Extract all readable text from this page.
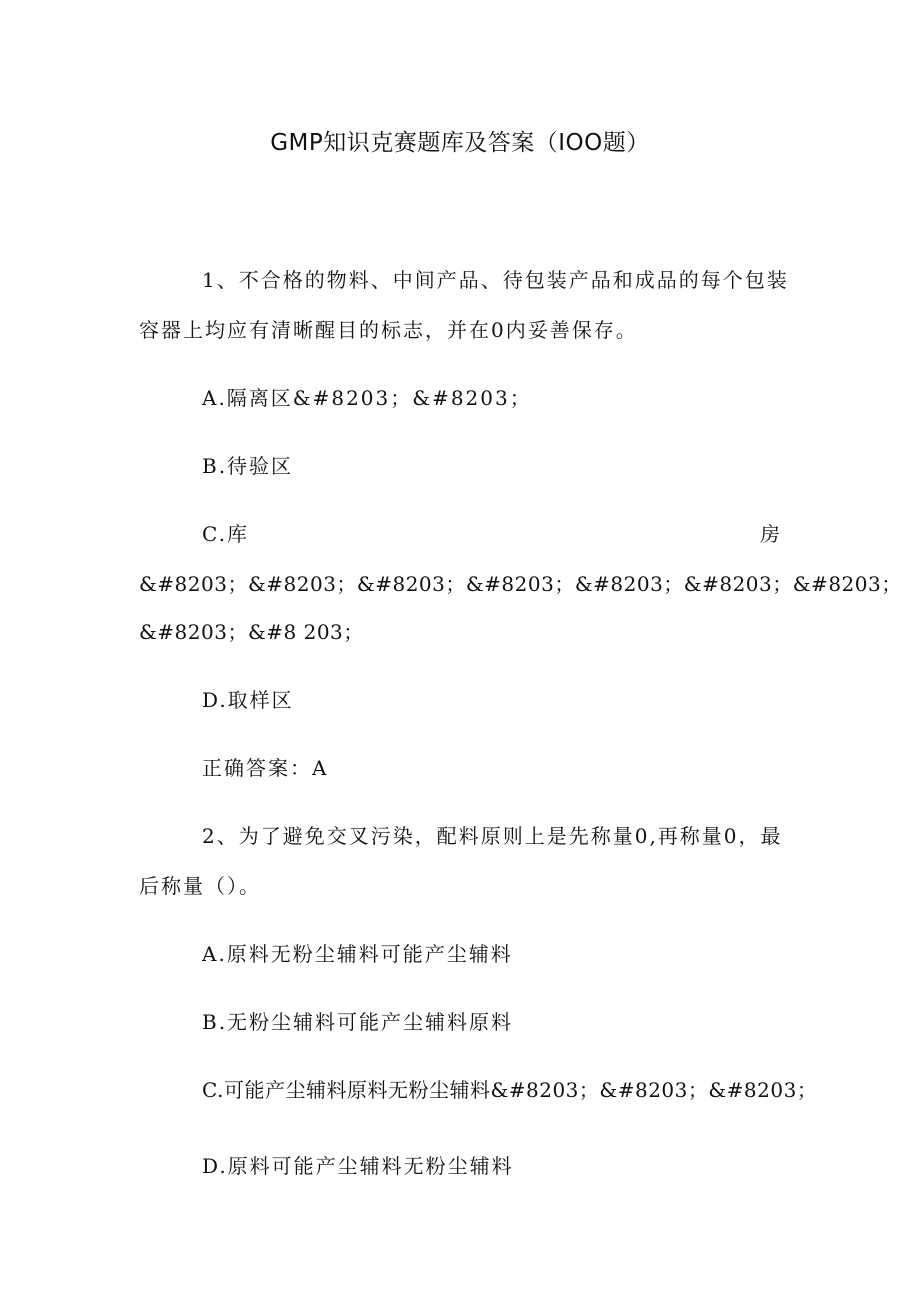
GMP知识克赛题库及答案（IOO题）
1、不合格的物料、中间产品、待包装产品和成品的每个包装
容器上均应有清晰醒目的标志，并在0内妥善保存。
A.隔离区&#8203；&#8203；
B.待验区
C.库	房
&#8203；&#8203；&#8203；&#8203；&#8203；&#8203；&#8203；
&#8203；&#8 203；
D.取样区
正确答案：A
2、为了避免交叉污染，配料原则上是先称量0,再称量0，最
后称量（）。
A.原料无粉尘辅料可能产尘辅料
B.无粉尘辅料可能产尘辅料原料
C.可能产尘辅料原料无粉尘辅料&#8203；&#8203；&#8203；
D.原料可能产尘辅料无粉尘辅料
